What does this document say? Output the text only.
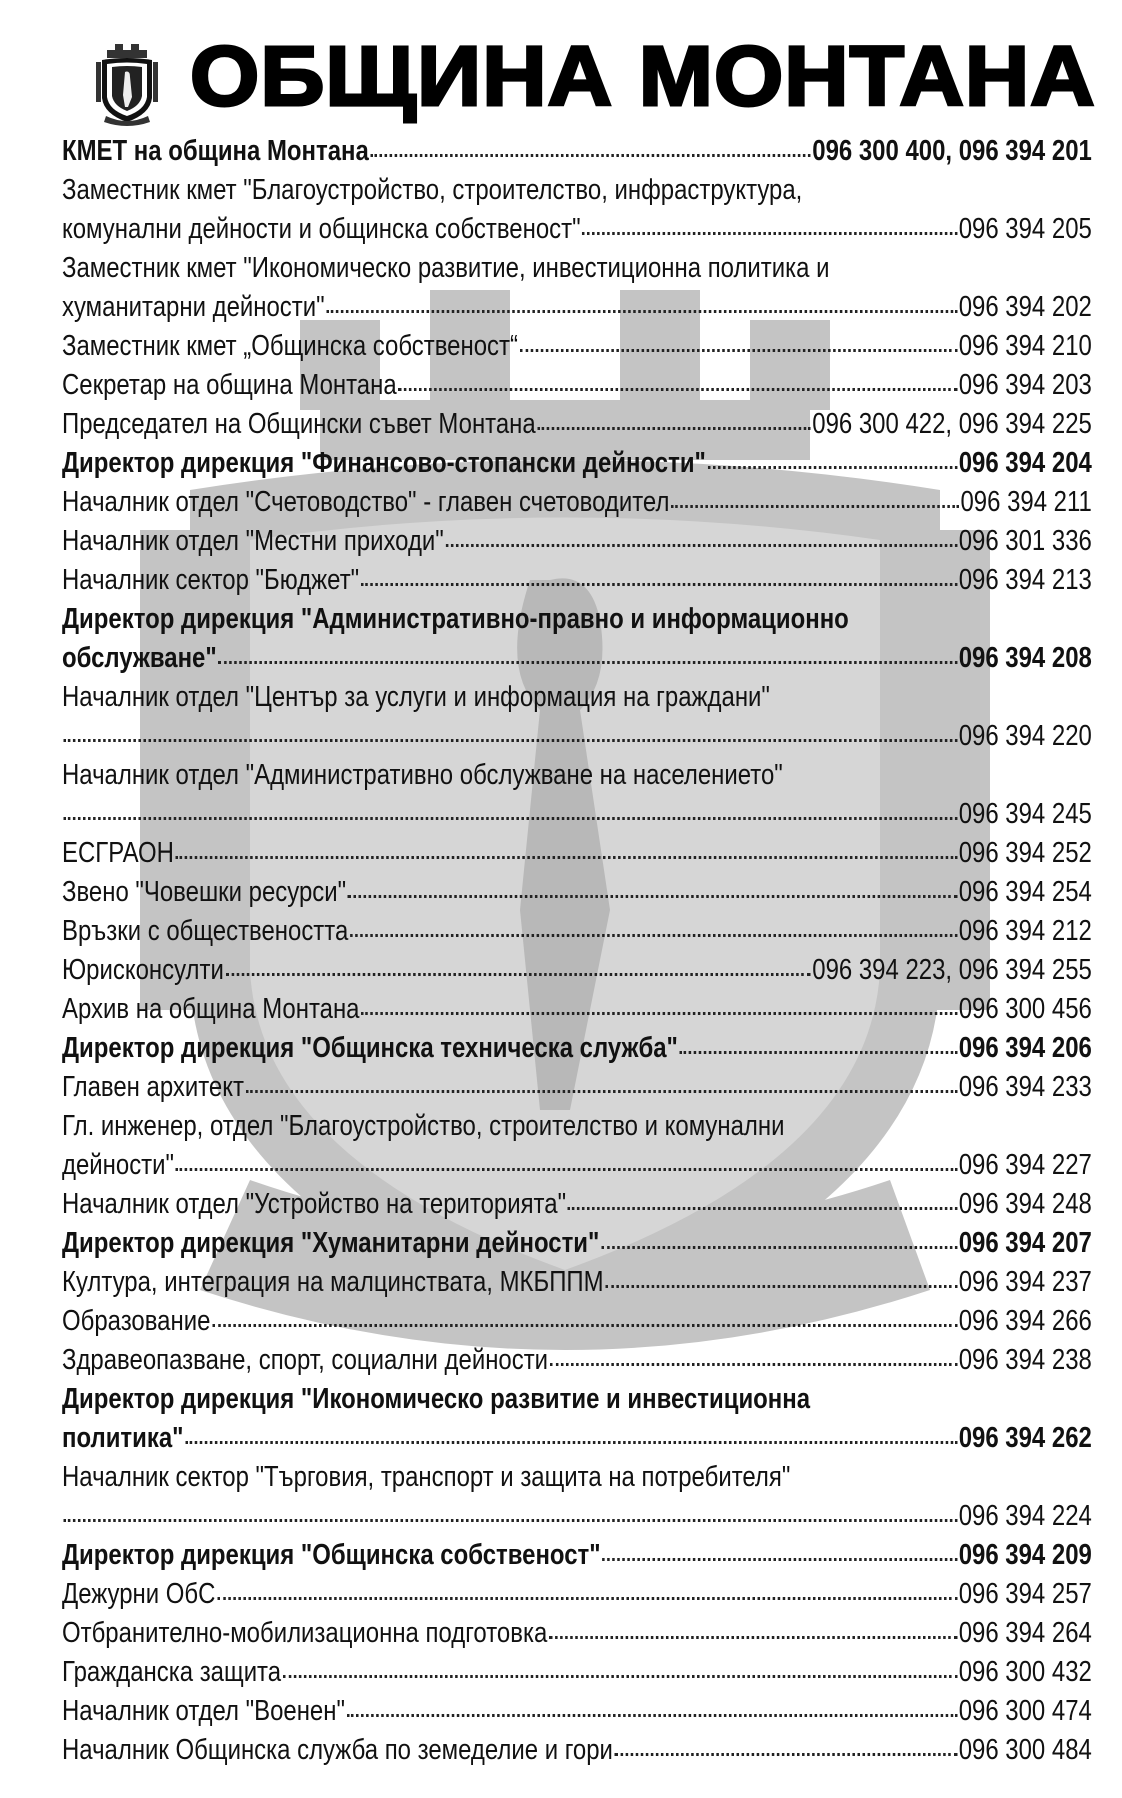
ОБЩИНА МОНТАНА
КМЕТ на община Монтана	096 300 400, 096 394 201
Заместник кмет "Благоустройство, строителство, инфраструктура,
комунални дейности и общинска собственост"	096 394 205
Заместник кмет "Икономическо развитие, инвестиционна политика и
хуманитарни дейности"	096 394 202
Заместник кмет „Общинска собственост“	096 394 210
Секретар на община Монтана	096 394 203
Председател на Общински съвет Монтана	096 300 422, 096 394 225
Директор дирекция "Финансово-стопански дейности"	096 394 204
Началник отдел "Счетоводство" - главен счетоводител	096 394 211
Началник отдел "Местни приходи"	096 301 336
Началник сектор "Бюджет"	096 394 213
Директор дирекция "Административно-правно и информационно
обслужване"	096 394 208
Началник отдел "Център за услуги и информация на граждани"
096 394 220
Началник отдел "Административно обслужване на населението"
096 394 245
ЕСГРАОН	096 394 252
Звено "Човешки ресурси"	096 394 254
Връзки с обществеността	096 394 212
Юрисконсулти	096 394 223, 096 394 255
Архив на община Монтана	096 300 456
Директор дирекция "Общинска техническа служба"	096 394 206
Главен архитект	096 394 233
Гл. инженер, отдел "Благоустройство, строителство и комунални
дейности"	096 394 227
Началник отдел "Устройство на територията"	096 394 248
Директор дирекция "Хуманитарни дейности"	096 394 207
Култура, интеграция на малцинствата, МКБППМ	096 394 237
Образование	096 394 266
Здравеопазване, спорт, социални дейности	096 394 238
Директор дирекция "Икономическо развитие и инвестиционна
политика"	096 394 262
Началник сектор "Търговия, транспорт и защита на потребителя"
096 394 224
Директор дирекция "Общинска собственост"	096 394 209
Дежурни ОбС	096 394 257
Отбранително-мобилизационна подготовка	096 394 264
Гражданска защита	096 300 432
Началник отдел "Военен"	096 300 474
Началник Общинска служба по земеделие и гори	096 300 484
